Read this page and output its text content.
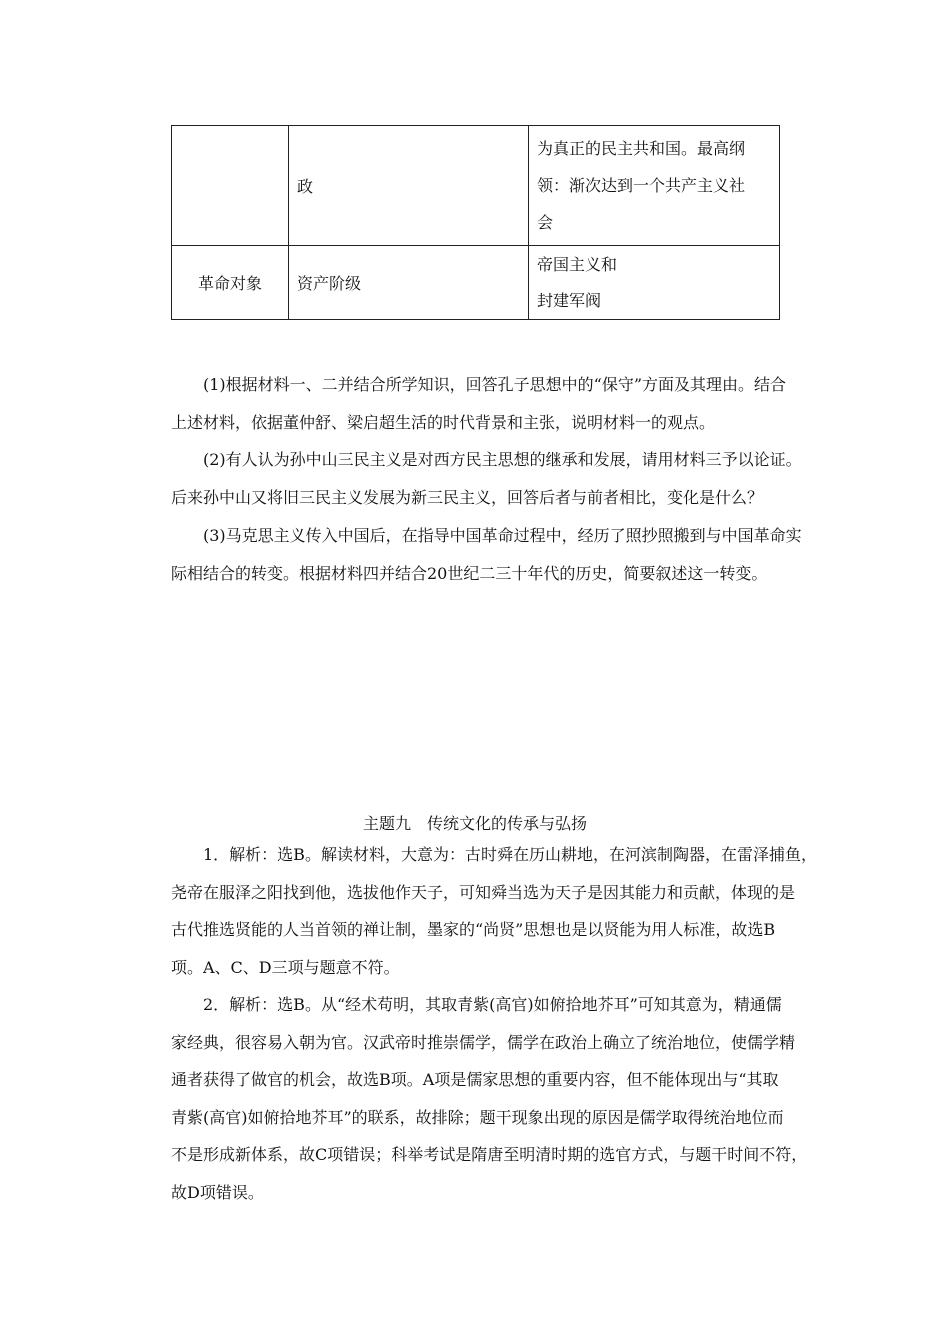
	政	为真正的民主共和国。最高纲
领：渐次达到一个共产主义社
会

革命对象	资产阶级	帝国主义和
封建军阀
(1)根据材料一、二并结合所学知识，回答孔子思想中的“保守”方面及其理由。结合
上述材料，依据董仲舒、梁启超生活的时代背景和主张，说明材料一的观点。
(2)有人认为孙中山三民主义是对西方民主思想的继承和发展，请用材料三予以论证。
后来孙中山又将旧三民主义发展为新三民主义，回答后者与前者相比，变化是什么？
(3)马克思主义传入中国后，在指导中国革命过程中，经历了照抄照搬到与中国革命实
际相结合的转变。根据材料四并结合20世纪二三十年代的历史，简要叙述这一转变。
主题九　传统文化的传承与弘扬
1．解析：选B。解读材料，大意为：古时舜在历山耕地，在河滨制陶器，在雷泽捕鱼，
尧帝在服泽之阳找到他，选拔他作天子，可知舜当选为天子是因其能力和贡献，体现的是
古代推选贤能的人当首领的禅让制，墨家的“尚贤”思想也是以贤能为用人标准，故选B
项。A、C、D三项与题意不符。
2．解析：选B。从“经术苟明，其取青紫(高官)如俯拾地芥耳”可知其意为，精通儒
家经典，很容易入朝为官。汉武帝时推崇儒学，儒学在政治上确立了统治地位，使儒学精
通者获得了做官的机会，故选B项。A项是儒家思想的重要内容，但不能体现出与“其取
青紫(高官)如俯拾地芥耳”的联系，故排除；题干现象出现的原因是儒学取得统治地位而
不是形成新体系，故C项错误；科举考试是隋唐至明清时期的选官方式，与题干时间不符，
故D项错误。
